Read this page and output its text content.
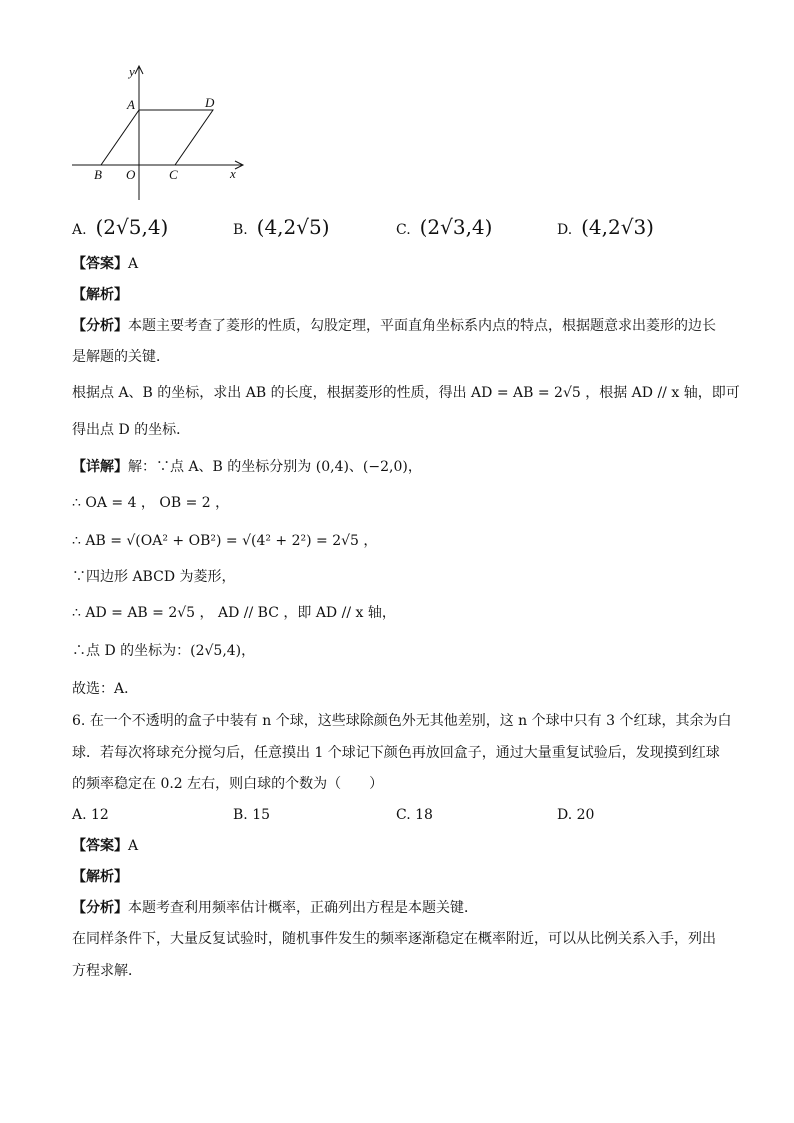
y
x
A	D
B O	C
A. (2√5,4)	B. (4,2√5)	C. (2√3,4)	D. (4,2√3)
【答案】A
【解析】
【分析】本题主要考查了菱形的性质，勾股定理，平面直角坐标系内点的特点，根据题意求出菱形的边长
是解题的关键．
根据点 A、B 的坐标，求出 AB 的长度，根据菱形的性质，得出 AD = AB = 2√5 ，根据 AD // x 轴，即可
得出点 D 的坐标．
【详解】解：∵点 A、B 的坐标分别为 (0,4)、(−2,0)，
∴ OA = 4 ， OB = 2 ，
∴ AB = √(OA² + OB²) = √(4² + 2²) = 2√5 ，
∵四边形 ABCD 为菱形，
∴ AD = AB = 2√5 ， AD // BC ，即 AD // x 轴，
∴点 D 的坐标为：(2√5,4)，
故选：A．
6. 在一个不透明的盒子中装有 n 个球，这些球除颜色外无其他差别，这 n 个球中只有 3 个红球，其余为白
球．若每次将球充分搅匀后，任意摸出 1 个球记下颜色再放回盒子，通过大量重复试验后，发现摸到红球
的频率稳定在 0.2 左右，则白球的个数为（　　）
A. 12	B. 15	C. 18	D. 20
【答案】A
【解析】
【分析】本题考查利用频率估计概率，正确列出方程是本题关键．
在同样条件下，大量反复试验时，随机事件发生的频率逐渐稳定在概率附近，可以从比例关系入手，列出
方程求解．
